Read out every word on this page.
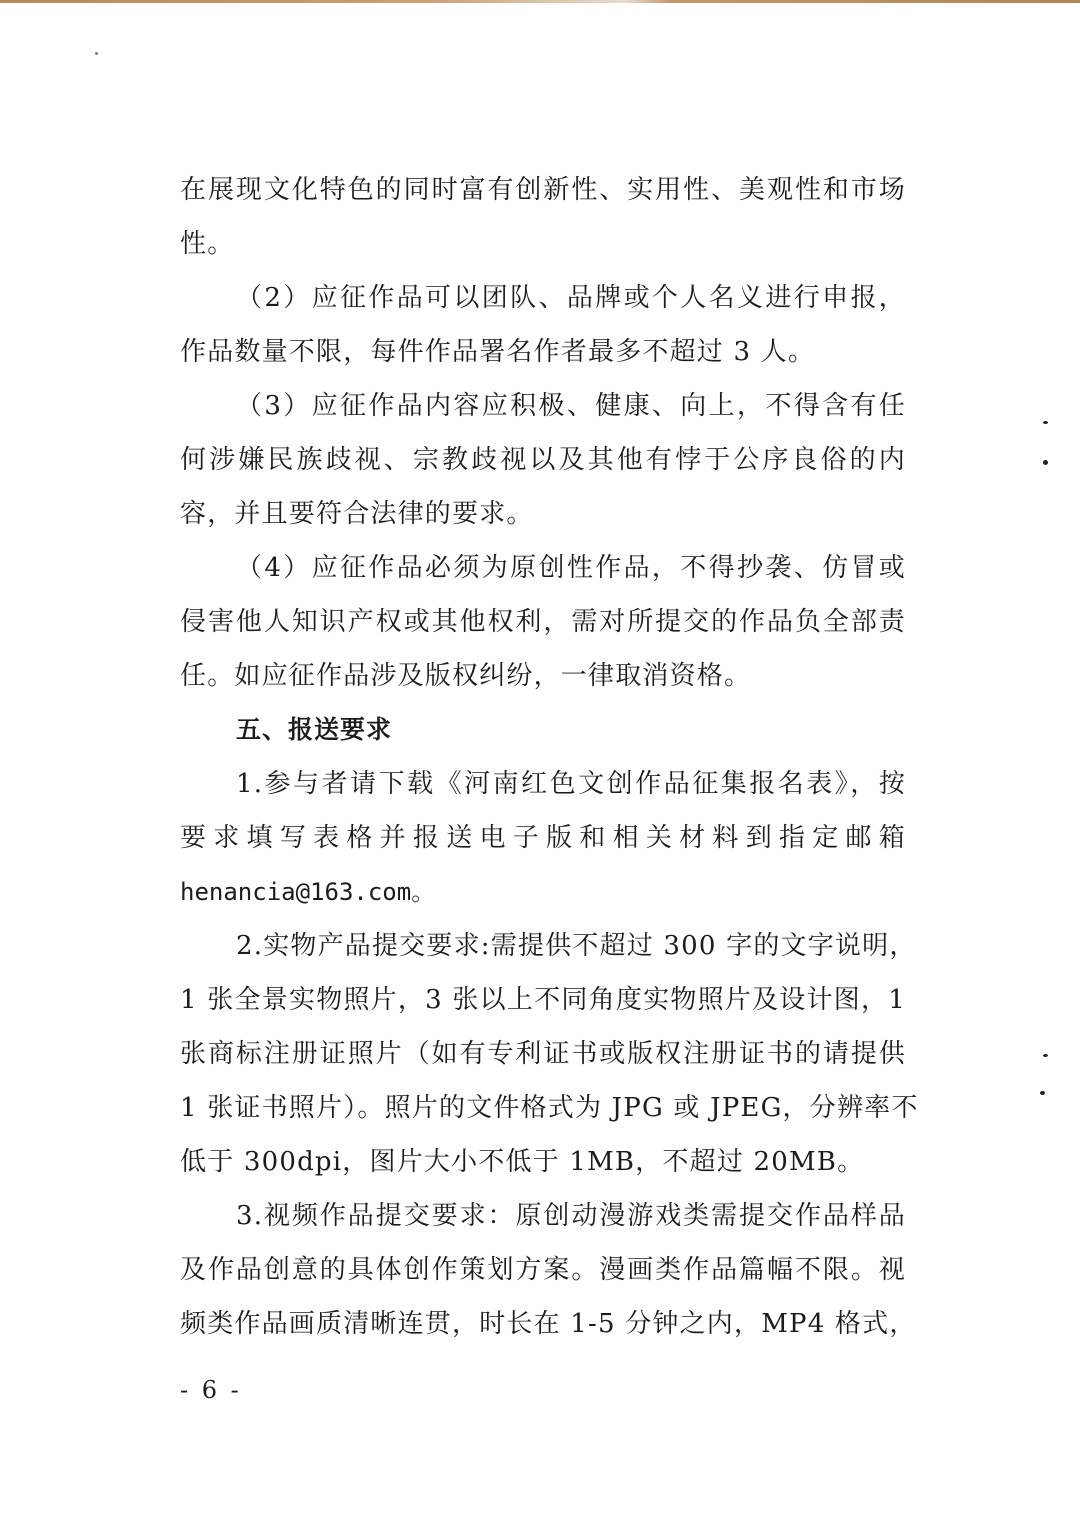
在展现文化特色的同时富有创新性、实用性、美观性和市场
性。
（2）应征作品可以团队、品牌或个人名义进行申报，
作品数量不限，每件作品署名作者最多不超过 3 人。
（3）应征作品内容应积极、健康、向上，不得含有任
何涉嫌民族歧视、宗教歧视以及其他有悖于公序良俗的内
容，并且要符合法律的要求。
（4）应征作品必须为原创性作品，不得抄袭、仿冒或
侵害他人知识产权或其他权利，需对所提交的作品负全部责
任。如应征作品涉及版权纠纷，一律取消资格。
五、报送要求
1.参与者请下载《河南红色文创作品征集报名表》，按
要求填写表格并报送电子版和相关材料到指定邮箱
henancia@163.com。
2.实物产品提交要求:需提供不超过 300 字的文字说明，
1 张全景实物照片，3 张以上不同角度实物照片及设计图，1
张商标注册证照片（如有专利证书或版权注册证书的请提供
1 张证书照片）。照片的文件格式为 JPG 或 JPEG，分辨率不
低于 300dpi，图片大小不低于 1MB，不超过 20MB。
3.视频作品提交要求：原创动漫游戏类需提交作品样品
及作品创意的具体创作策划方案。漫画类作品篇幅不限。视
频类作品画质清晰连贯，时长在 1-5 分钟之内，MP4 格式，
- 6 -
